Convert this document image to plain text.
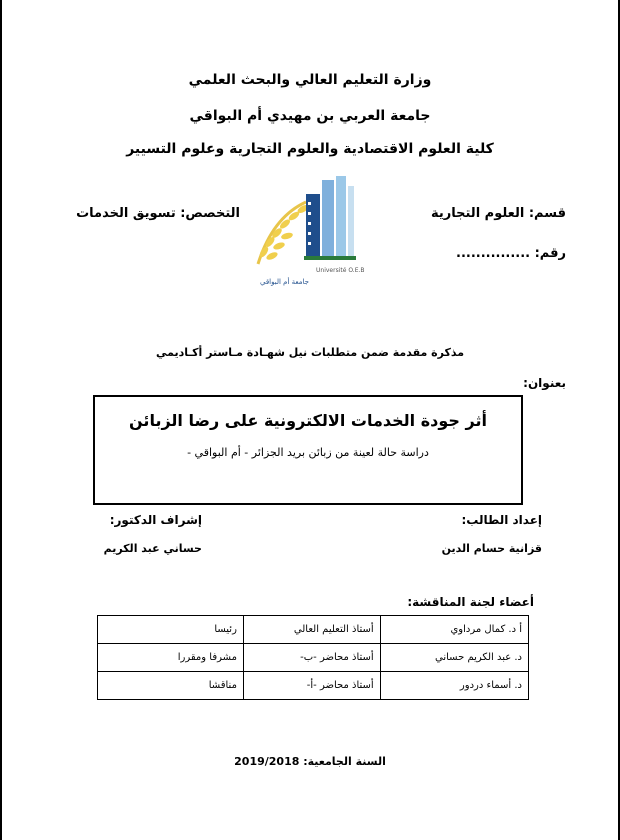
وزارة التعليم العالي والبحث العلمي
جامعة العربي بن مهيدي أم البواقي
كلية العلوم الاقتصادية والعلوم التجارية وعلوم التسيير
قسم: العلوم التجارية
رقم: ...............
التخصص: تسويق الخدمات
جامعة أم البواقي
Université O.E.B
مذكرة مقدمة ضمن متطلبات نيل شهـادة مـاستر أكـاديمي
بعنوان:
أثر جودة الخدمات الالكترونية على رضا الزبائن
دراسة حالة لعينة من زبائن بريد الجزائر - أم البواقي -
إعداد الطالب:
إشراف الدكتور:
قزانية حسام الدين
حساني عبد الكريم
أعضاء لجنة المناقشة:
أ د. كمال مرداوي	أستاذ التعليم العالي	رئيسا
د. عبد الكريم حساني	أستاذ محاضر -ب-	مشرفا ومقررا
د. أسماء دردور	أستاذ محاضر -أ-	مناقشا
السنة الجامعية: 2019/2018
